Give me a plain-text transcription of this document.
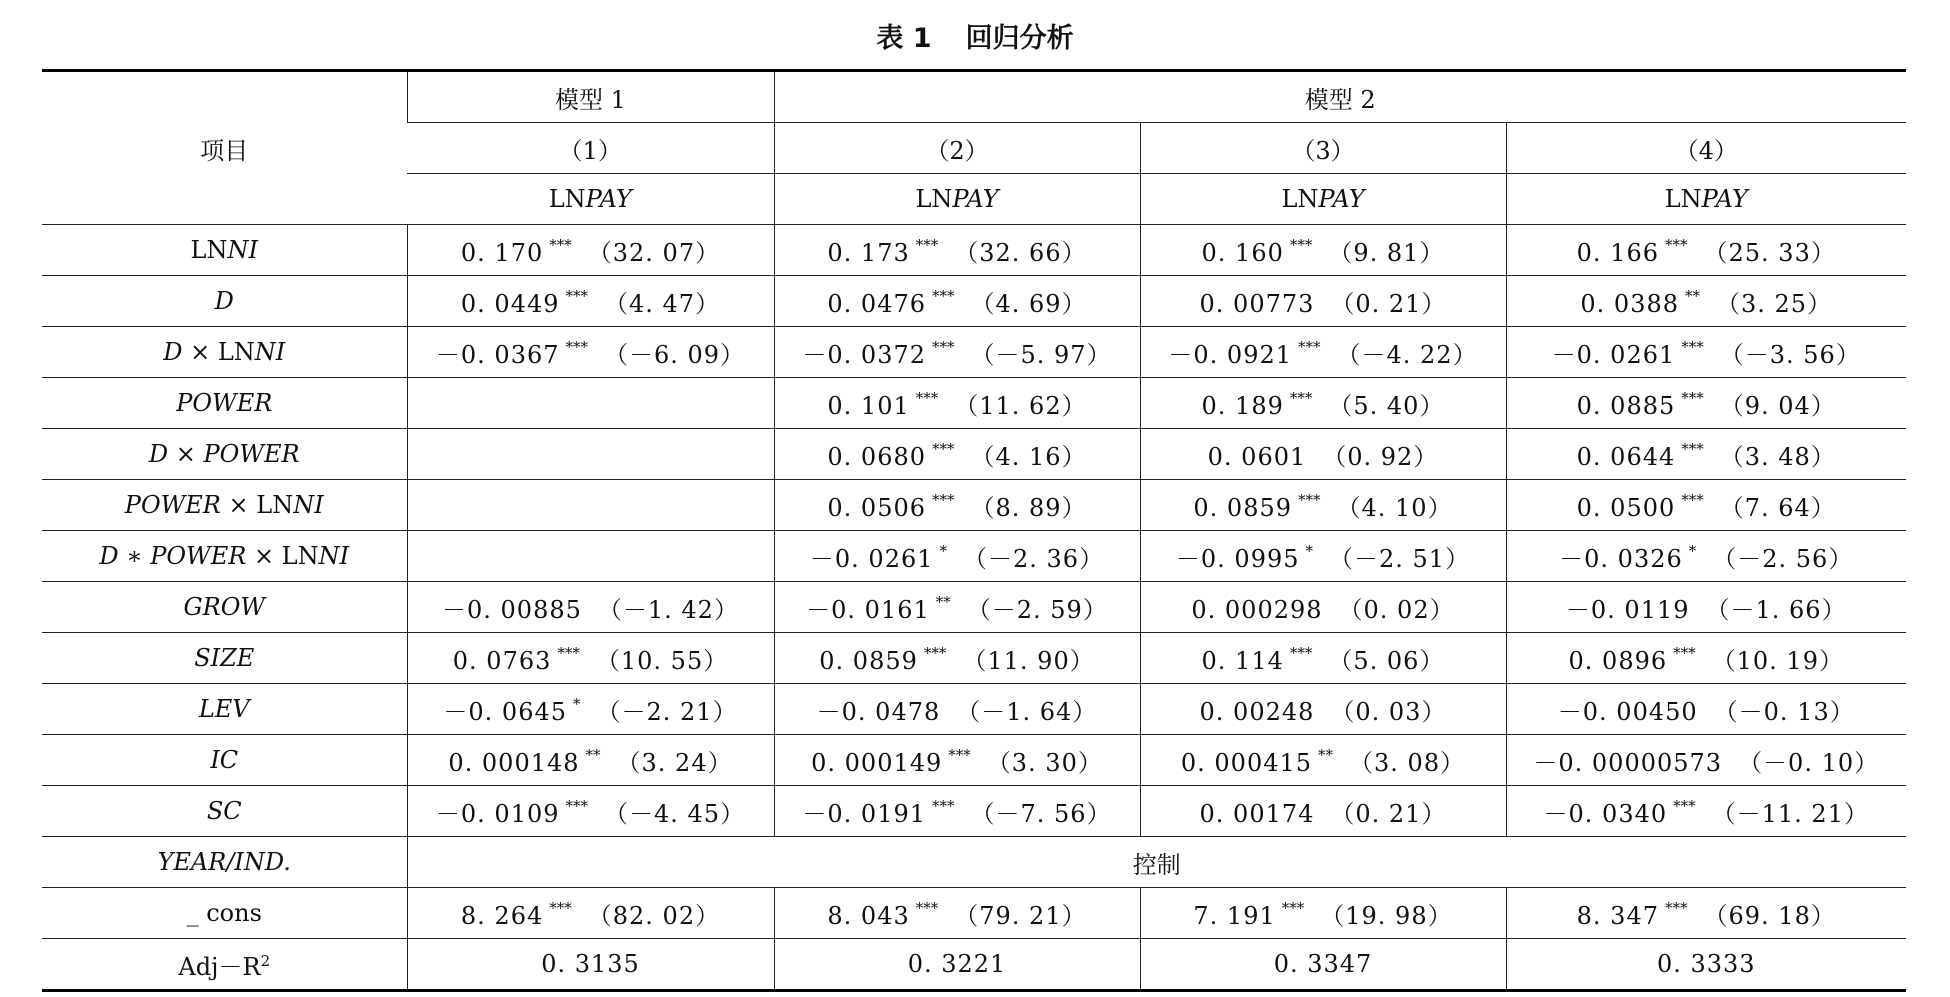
表 1 回归分析
项目	模型 1	模型 2		
	（1）	（2）	（3）	（4）
	LNPAY	LNPAY	LNPAY	LNPAY
LNNI	0. 170 *** （32. 07）	0. 173 *** （32. 66）	0. 160 *** （9. 81）	0. 166 *** （25. 33）
D	0. 0449 *** （4. 47）	0. 0476 *** （4. 69）	0. 00773 （0. 21）	0. 0388 ** （3. 25）
D × LNNI	－0. 0367 *** （－6. 09）	－0. 0372 *** （－5. 97）	－0. 0921 *** （－4. 22）	－0. 0261 *** （－3. 56）
POWER		0. 101 *** （11. 62）	0. 189 *** （5. 40）	0. 0885 *** （9. 04）
D × POWER		0. 0680 *** （4. 16）	0. 0601 （0. 92）	0. 0644 *** （3. 48）
POWER × LNNI		0. 0506 *** （8. 89）	0. 0859 *** （4. 10）	0. 0500 *** （7. 64）
D ∗ POWER × LNNI		－0. 0261 * （－2. 36）	－0. 0995 * （－2. 51）	－0. 0326 * （－2. 56）
GROW	－0. 00885 （－1. 42）	－0. 0161 ** （－2. 59）	0. 000298 （0. 02）	－0. 0119 （－1. 66）
SIZE	0. 0763 *** （10. 55）	0. 0859 *** （11. 90）	0. 114 *** （5. 06）	0. 0896 *** （10. 19）
LEV	－0. 0645 * （－2. 21）	－0. 0478 （－1. 64）	0. 00248 （0. 03）	－0. 00450 （－0. 13）
IC	0. 000148 ** （3. 24）	0. 000149 *** （3. 30）	0. 000415 ** （3. 08）	－0. 00000573 （－0. 10）
SC	－0. 0109 *** （－4. 45）	－0. 0191 *** （－7. 56）	0. 00174 （0. 21）	－0. 0340 *** （－11. 21）
YEAR/IND.	控制			
_ cons	8. 264 *** （82. 02）	8. 043 *** （79. 21）	7. 191 *** （19. 98）	8. 347 *** （69. 18）
$Adj-R^2$	0. 3135	0. 3221	0. 3347	0. 3333
